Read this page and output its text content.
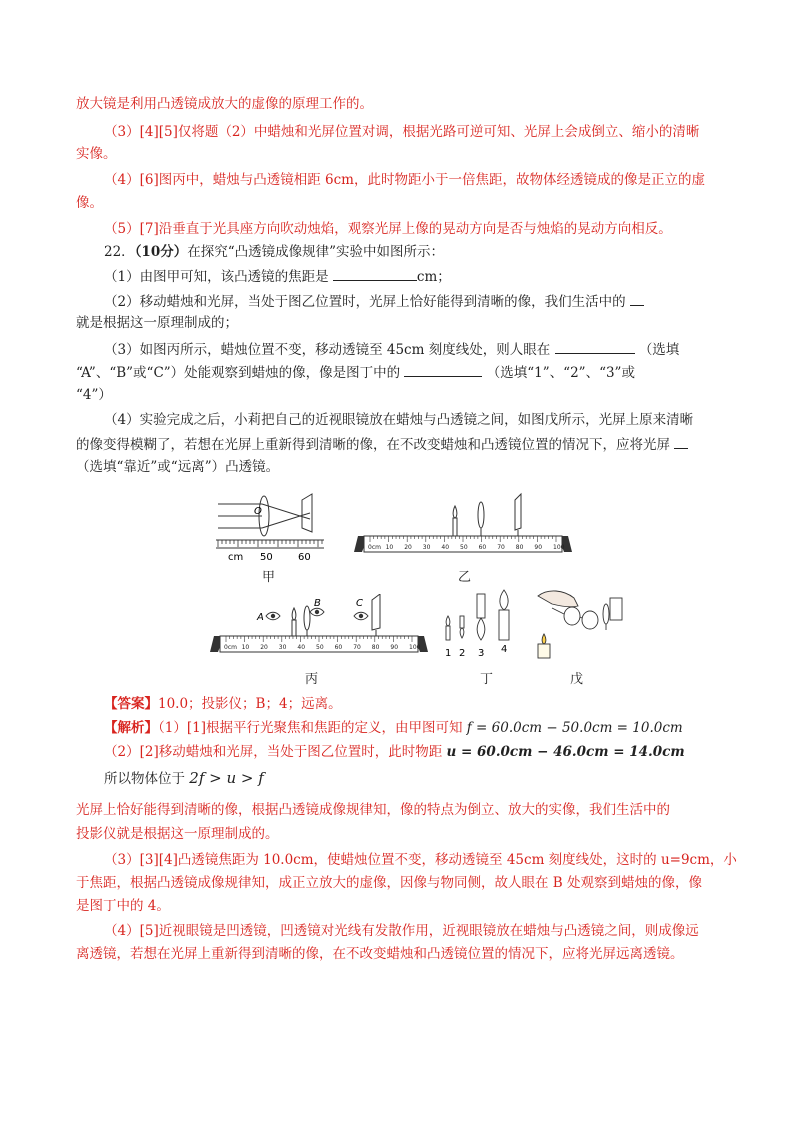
放大镜是利用凸透镜成放大的虚像的原理工作的。
（3）[4][5]仅将题（2）中蜡烛和光屏位置对调，根据光路可逆可知、光屏上会成倒立、缩小的清晰
实像。
（4）[6]图丙中，蜡烛与凸透镜相距 6cm，此时物距小于一倍焦距，故物体经透镜成的像是正立的虚
像。
（5）[7]沿垂直于光具座方向吹动烛焰，观察光屏上像的晃动方向是否与烛焰的晃动方向相反。
22．（10分）在探究“凸透镜成像规律”实验中如图所示：
（1）由图甲可知，该凸透镜的焦距是	cm；
（2）移动蜡烛和光屏，当处于图乙位置时，光屏上恰好能得到清晰的像，我们生活中的
就是根据这一原理制成的；
（3）如图丙所示，蜡烛位置不变，移动透镜至 45cm 刻度线处，则人眼在	（选填
“A”、“B”或“C”）处能观察到蜡烛的像，像是图丁中的	（选填“1”、“2”、“3”或
“4”）
（4）实验完成之后，小莉把自己的近视眼镜放在蜡烛与凸透镜之间，如图戊所示，光屏上原来清晰
的像变得模糊了，若想在光屏上重新得到清晰的像，在不改变蜡烛和凸透镜位置的情况下，应将光屏
（选填“靠近”或“远离”）凸透镜。
O
cm 50	60
甲
0cm 10 20 30 40 50 60 70 80 90 100
乙
0cm 10 20 30 40 50 60 70 80 90 100
A
B	C
丙
1 2 3 4
丁	戊
【答案】10.0；投影仪；B；4；远离。
【解析】（1）[1]根据平行光聚焦和焦距的定义，由甲图可知 f = 60.0cm − 50.0cm = 10.0cm
（2）[2]移动蜡烛和光屏，当处于图乙位置时，此时物距 u = 60.0cm − 46.0cm = 14.0cm
所以物体位于 2f > u > f
光屏上恰好能得到清晰的像，根据凸透镜成像规律知，像的特点为倒立、放大的实像，我们生活中的
投影仪就是根据这一原理制成的。
（3）[3][4]凸透镜焦距为 10.0cm，使蜡烛位置不变，移动透镜至 45cm 刻度线处，这时的 u=9cm，小
于焦距，根据凸透镜成像规律知，成正立放大的虚像，因像与物同侧，故人眼在 B 处观察到蜡烛的像，像
是图丁中的 4。
（4）[5]近视眼镜是凹透镜，凹透镜对光线有发散作用，近视眼镜放在蜡烛与凸透镜之间，则成像远
离透镜，若想在光屏上重新得到清晰的像，在不改变蜡烛和凸透镜位置的情况下，应将光屏远离透镜。
